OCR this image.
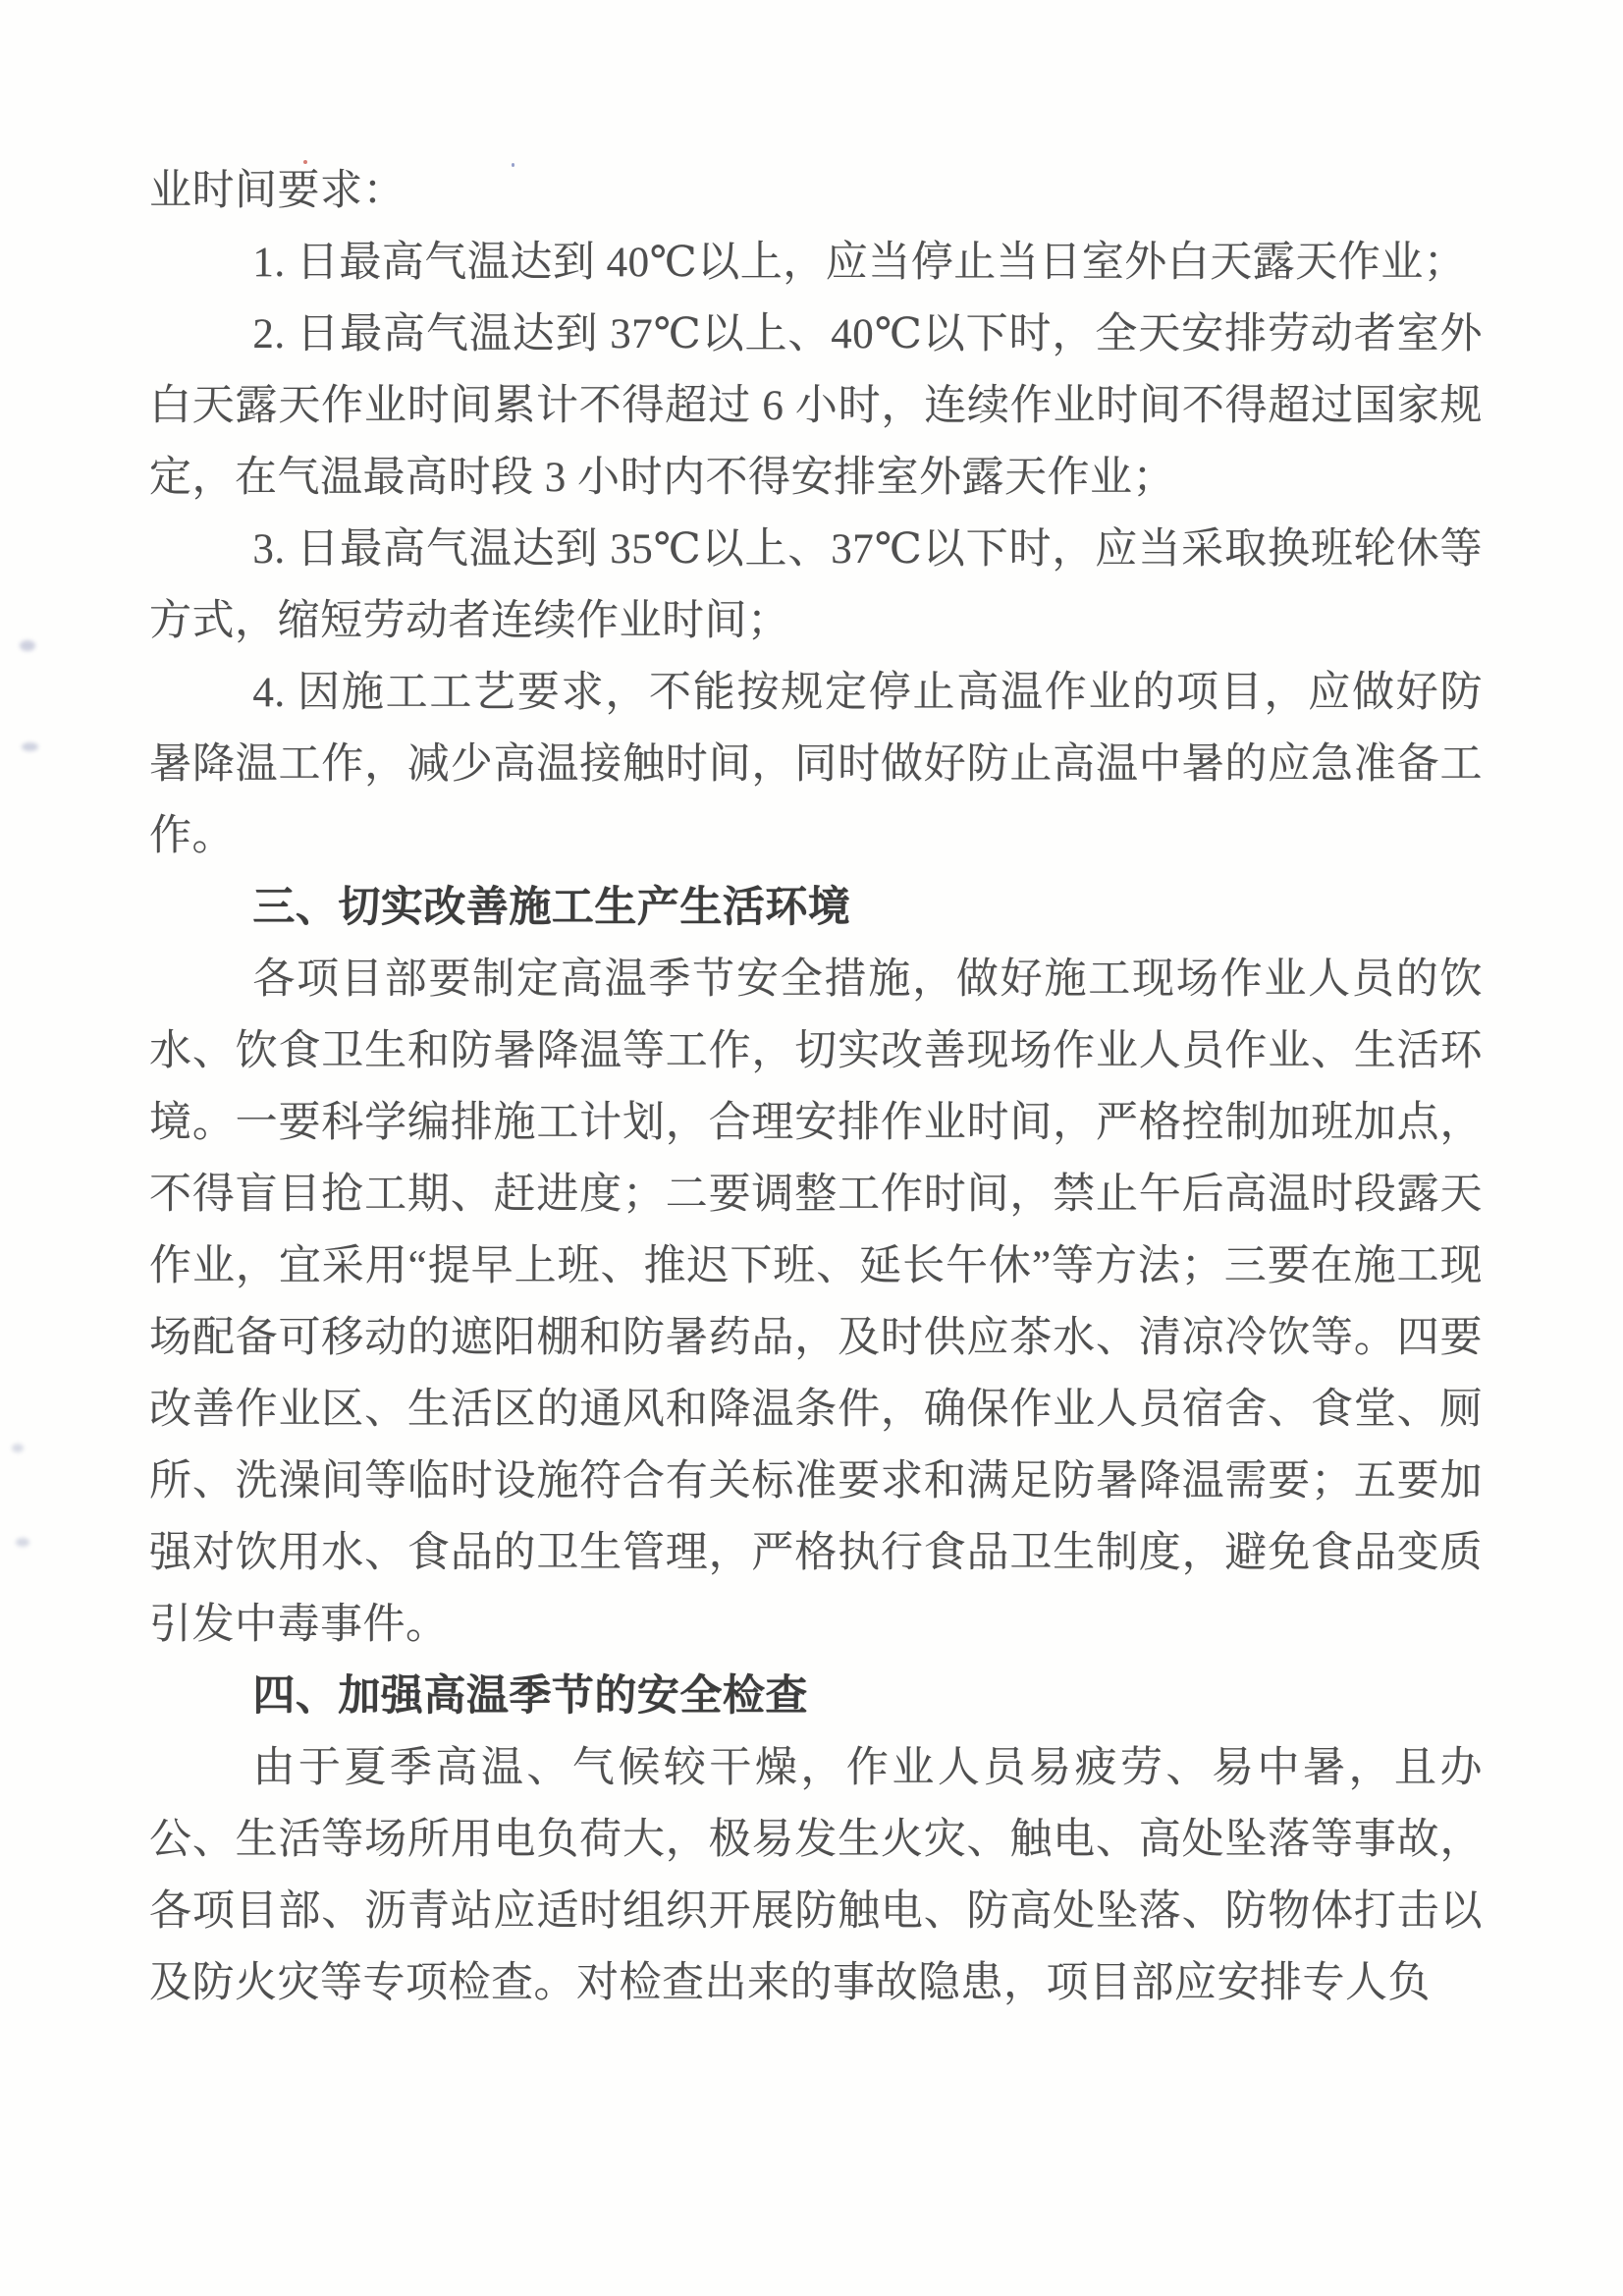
业时间要求：

1. 日最高气温达到 40℃以上，应当停止当日室外白天露天作业；

2. 日最高气温达到 37℃以上、40℃以下时，全天安排劳动者室外白天露天作业时间累计不得超过 6 小时，连续作业时间不得超过国家规定，在气温最高时段 3 小时内不得安排室外露天作业；

3. 日最高气温达到 35℃以上、37℃以下时，应当采取换班轮休等方式，缩短劳动者连续作业时间；

4. 因施工工艺要求，不能按规定停止高温作业的项目，应做好防暑降温工作，减少高温接触时间，同时做好防止高温中暑的应急准备工作。

三、切实改善施工生产生活环境

各项目部要制定高温季节安全措施，做好施工现场作业人员的饮水、饮食卫生和防暑降温等工作，切实改善现场作业人员作业、生活环境。一要科学编排施工计划，合理安排作业时间，严格控制加班加点，不得盲目抢工期、赶进度；二要调整工作时间，禁止午后高温时段露天作业，宜采用“提早上班、推迟下班、延长午休”等方法；三要在施工现场配备可移动的遮阳棚和防暑药品，及时供应茶水、清凉冷饮等。四要改善作业区、生活区的通风和降温条件，确保作业人员宿舍、食堂、厕所、洗澡间等临时设施符合有关标准要求和满足防暑降温需要；五要加强对饮用水、食品的卫生管理，严格执行食品卫生制度，避免食品变质引发中毒事件。

四、加强高温季节的安全检查

由于夏季高温、气候较干燥，作业人员易疲劳、易中暑，且办公、生活等场所用电负荷大，极易发生火灾、触电、高处坠落等事故，各项目部、沥青站应适时组织开展防触电、防高处坠落、防物体打击以及防火灾等专项检查。对检查出来的事故隐患，项目部应安排专人负
